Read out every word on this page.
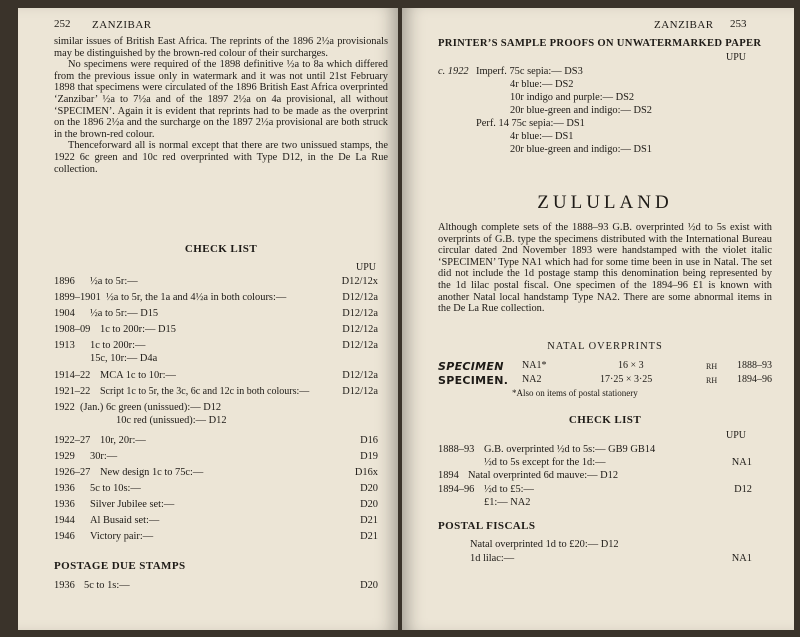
252 ZANZIBAR

similar issues of British East Africa. The reprints of the 1896 2½a provisionals may be distinguished by the brown-red colour of their surcharges.

No specimens were required of the 1898 definitive ½a to 8a which differed from the previous issue only in watermark and it was not until 21st February 1898 that specimens were circulated of the 1896 British East Africa overprinted ‘Zanzibar’ ½a to 7½a and of the 1897 2½a on 4a provisional, all without ‘SPECIMEN’. Again it is evident that reprints had to be made as the overprint on the 1896 2½a and the surcharge on the 1897 2½a provisional are both struck in the brown-red colour.

Thenceforward all is normal except that there are two unissued stamps, the 1922 6c green and 10c red overprinted with Type D12, in the De La Rue collection.

CHECK LIST
UPU
1896 ½a to 5r:—	D12/12x
1899–1901 ½a to 5r, the 1a and 4½a in both colours:—	D12/12a
1904 ½a to 5r:— D15	D12/12a
1908–09 1c to 200r:— D15	D12/12a
1913 1c to 200r:—	D12/12a
15c, 10r:— D4a
1914–22 MCA 1c to 10r:—	D12/12a
1921–22 Script 1c to 5r, the 3c, 6c and 12c in both colours:—	D12/12a
1922 (Jan.) 6c green (unissued):— D12
10c red (unissued):— D12
1922–27 10r, 20r:—	D16
1929 30r:—	D19
1926–27 New design 1c to 75c:—	D16x
1936 5c to 10s:—	D20
1936 Silver Jubilee set:—	D20
1944 Al Busaid set:—	D21
1946 Victory pair:—	D21
POSTAGE DUE STAMPS
1936 5c to 1s:—	D20
ZANZIBAR 253
PRINTER’S SAMPLE PROOFS ON UNWATERMARKED PAPER
UPU
c. 1922 Imperf. 75c sepia:— DS3
4r blue:— DS2
10r indigo and purple:— DS2
20r blue-green and indigo:— DS2
Perf. 14 75c sepia:— DS1
4r blue:— DS1
20r blue-green and indigo:— DS1
ZULULAND
Although complete sets of the 1888–93 G.B. overprinted ½d to 5s exist with overprints of G.B. type the specimens distributed with the International Bureau circular dated 2nd November 1893 were handstamped with the violet italic ‘SPECIMEN’ Type NA1 which had for some time been in use in Natal. The set did not include the 1d postage stamp this denomination being represented by the 1d lilac postal fiscal. One specimen of the 1894–96 £1 is known with another Natal local handstamp Type NA2. There are some abnormal items in the De La Rue collection.
NATAL OVERPRINTS
SPECIMEN NA1*	16 × 3	RH 1888–93
SPECIMEN. NA2	17·25 × 3·25	RH 1894–96
*Also on items of postal stationery
CHECK LIST
UPU
1888–93 G.B. overprinted ½d to 5s:— GB9 GB14
½d to 5s except for the 1d:—	NA1
1894 Natal overprinted 6d mauve:— D12
1894–96 ½d to £5:—	D12
£1:— NA2
POSTAL FISCALS
Natal overprinted 1d to £20:— D12
1d lilac:—	NA1
